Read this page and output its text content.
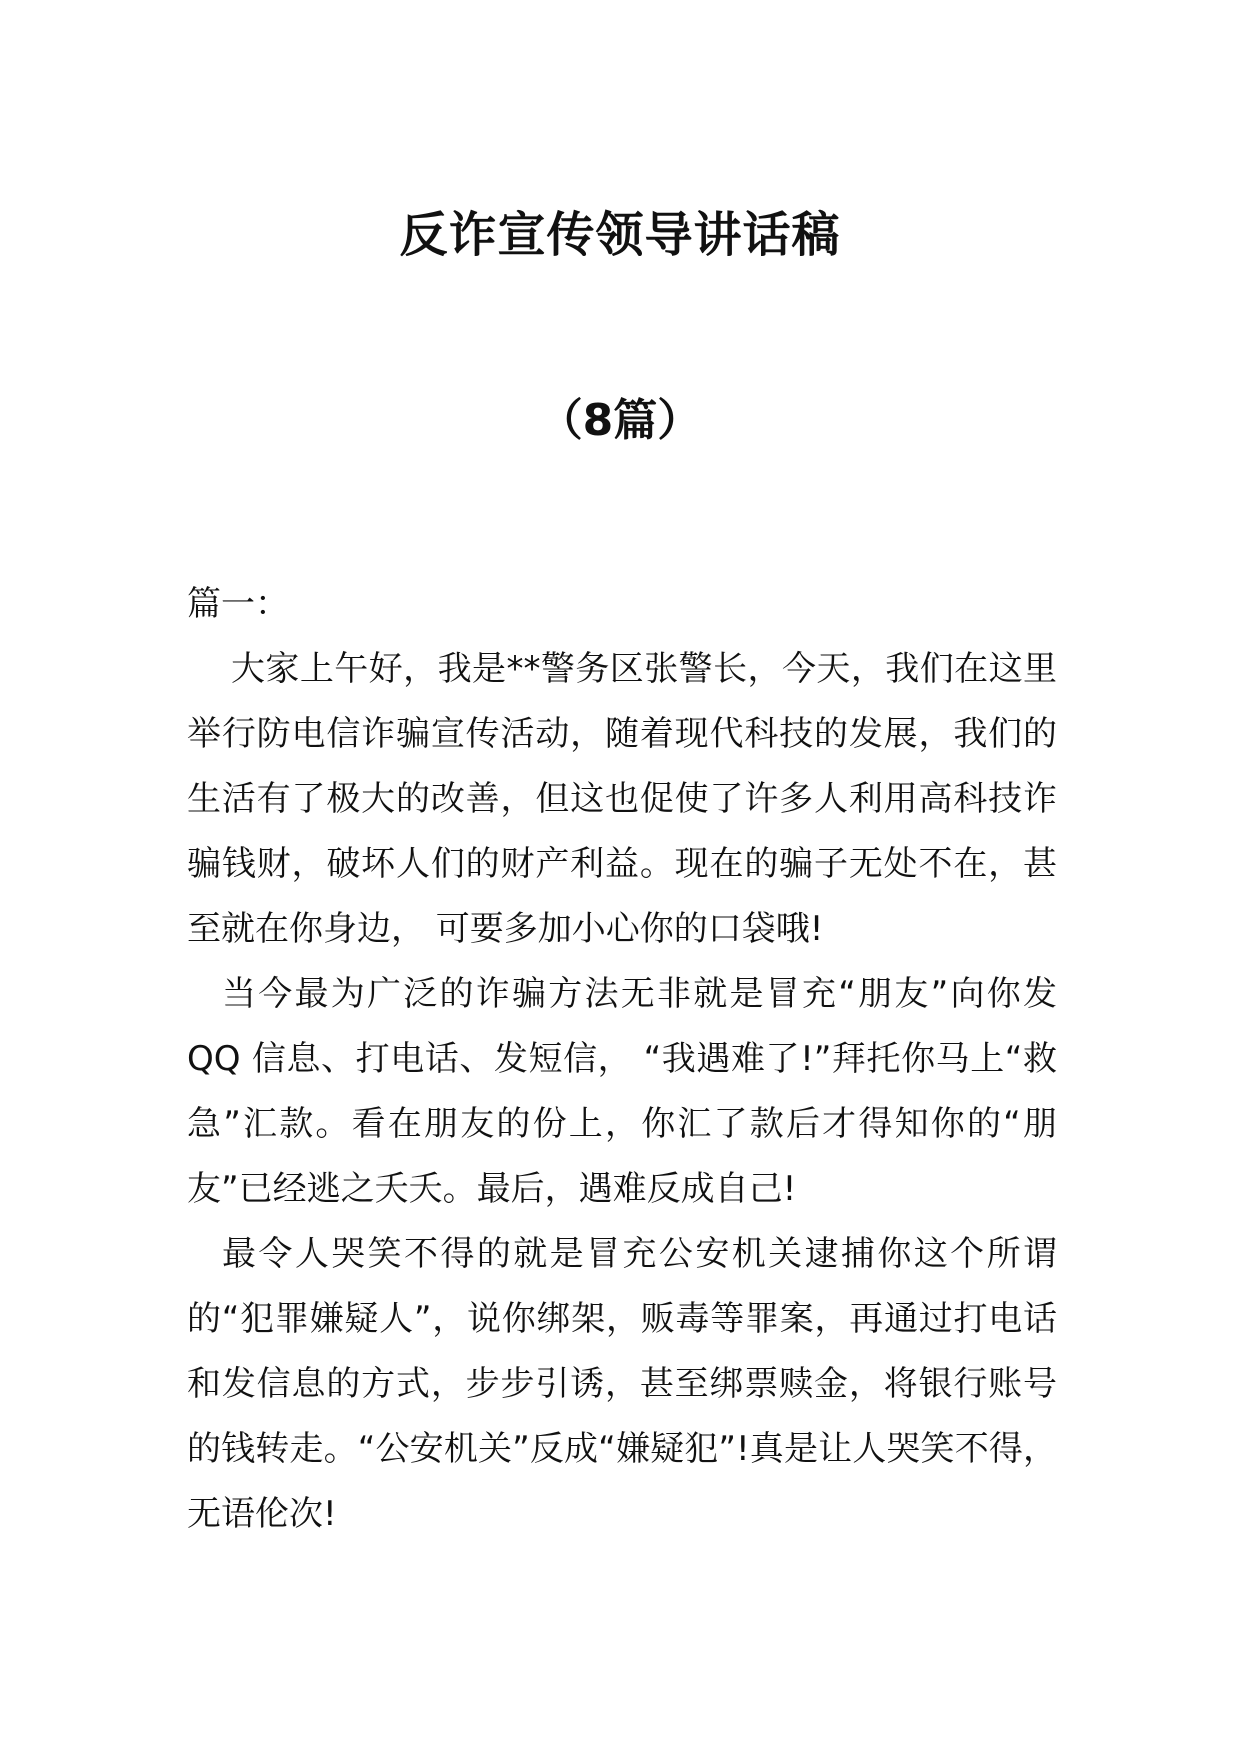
反诈宣传领导讲话稿
（8篇）

篇一：

大家上午好，我是**警务区张警长，今天，我们在这里举行防电信诈骗宣传活动，随着现代科技的发展，我们的生活有了极大的改善，但这也促使了许多人利用高科技诈骗钱财，破坏人们的财产利益。现在的骗子无处不在，甚至就在你身边， 可要多加小心你的口袋哦!

当今最为广泛的诈骗方法无非就是冒充“朋友”向你发QQ 信息、打电话、发短信， “我遇难了!”拜托你马上“救急”汇款。看在朋友的份上，你汇了款后才得知你的“朋友”已经逃之夭夭。最后，遇难反成自己!

最令人哭笑不得的就是冒充公安机关逮捕你这个所谓的“犯罪嫌疑人”，说你绑架，贩毒等罪案，再通过打电话和发信息的方式，步步引诱，甚至绑票赎金，将银行账号的钱转走。“公安机关”反成“嫌疑犯”!真是让人哭笑不得，无语伦次!
